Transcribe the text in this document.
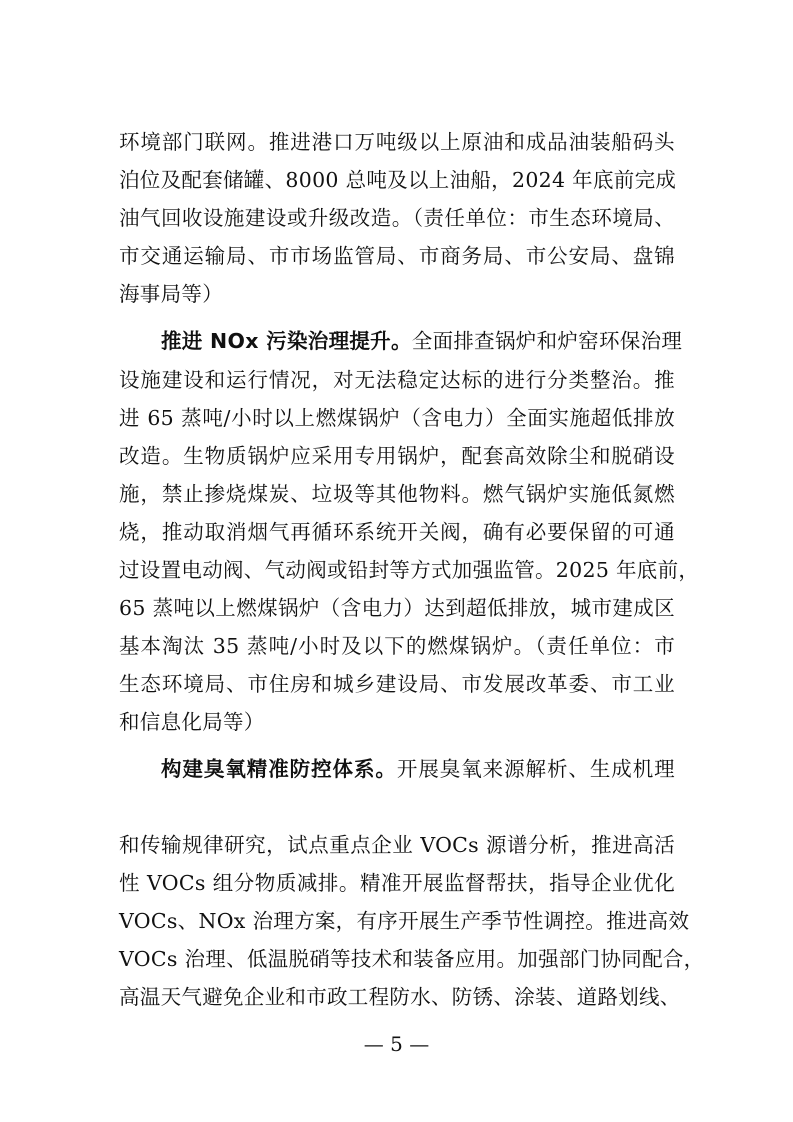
环境部门联网。推进港口万吨级以上原油和成品油装船码头
泊位及配套储罐、8000 总吨及以上油船，2024 年底前完成
油气回收设施建设或升级改造。（责任单位：市生态环境局、
市交通运输局、市市场监管局、市商务局、市公安局、盘锦
海事局等）
推进 NOx 污染治理提升。全面排查锅炉和炉窑环保治理
设施建设和运行情况，对无法稳定达标的进行分类整治。推
进 65 蒸吨/小时以上燃煤锅炉（含电力）全面实施超低排放
改造。生物质锅炉应采用专用锅炉，配套高效除尘和脱硝设
施，禁止掺烧煤炭、垃圾等其他物料。燃气锅炉实施低氮燃
烧，推动取消烟气再循环系统开关阀，确有必要保留的可通
过设置电动阀、气动阀或铅封等方式加强监管。2025 年底前，
65 蒸吨以上燃煤锅炉（含电力）达到超低排放，城市建成区
基本淘汰 35 蒸吨/小时及以下的燃煤锅炉。（责任单位：市
生态环境局、市住房和城乡建设局、市发展改革委、市工业
和信息化局等）
构建臭氧精准防控体系。开展臭氧来源解析、生成机理
和传输规律研究，试点重点企业 VOCs 源谱分析，推进高活
性 VOCs 组分物质减排。精准开展监督帮扶，指导企业优化
VOCs、NOx 治理方案，有序开展生产季节性调控。推进高效
VOCs 治理、低温脱硝等技术和装备应用。加强部门协同配合，
高温天气避免企业和市政工程防水、防锈、涂装、道路划线、
— 5 —
